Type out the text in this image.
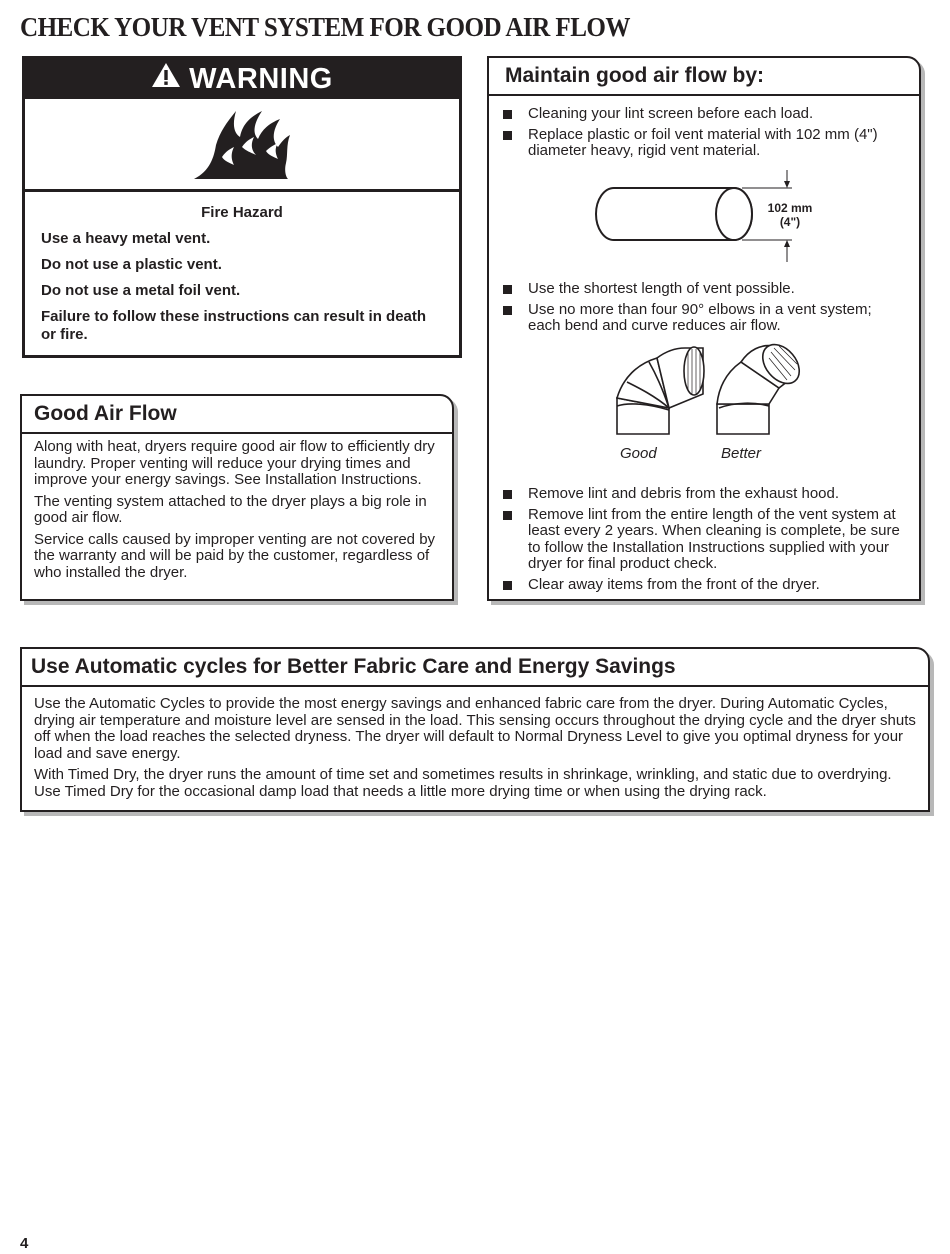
CHECK YOUR VENT SYSTEM FOR GOOD AIR FLOW
WARNING
Fire Hazard
Use a heavy metal vent.
Do not use a plastic vent.
Do not use a metal foil vent.
Failure to follow these instructions can result in death or fire.
Good Air Flow

Along with heat, dryers require good air flow to efficiently dry laundry. Proper venting will reduce your drying times and improve your energy savings. See Installation Instructions.

The venting system attached to the dryer plays a big role in good air flow.

Service calls caused by improper venting are not covered by the warranty and will be paid by the customer, regardless of who installed the dryer.

Maintain good air flow by:
Cleaning your lint screen before each load.
Replace plastic or foil vent material with 102 mm (4") diameter heavy, rigid vent material.
102 mm
(4")
Use the shortest length of vent possible.
Use no more than four 90° elbows in a vent system; each bend and curve reduces air flow.
Good	Better
Remove lint and debris from the exhaust hood.
Remove lint from the entire length of the vent system at least every 2 years. When cleaning is complete, be sure to follow the Installation Instructions supplied with your dryer for final product check.
Clear away items from the front of the dryer.
Use Automatic cycles for Better Fabric Care and Energy Savings

Use the Automatic Cycles to provide the most energy savings and enhanced fabric care from the dryer. During Automatic Cycles, drying air temperature and moisture level are sensed in the load. This sensing occurs throughout the drying cycle and the dryer shuts off when the load reaches the selected dryness. The dryer will default to Normal Dryness Level to give you optimal dryness for your load and save energy.

With Timed Dry, the dryer runs the amount of time set and sometimes results in shrinkage, wrinkling, and static due to overdrying. Use Timed Dry for the occasional damp load that needs a little more drying time or when using the drying rack.

4
